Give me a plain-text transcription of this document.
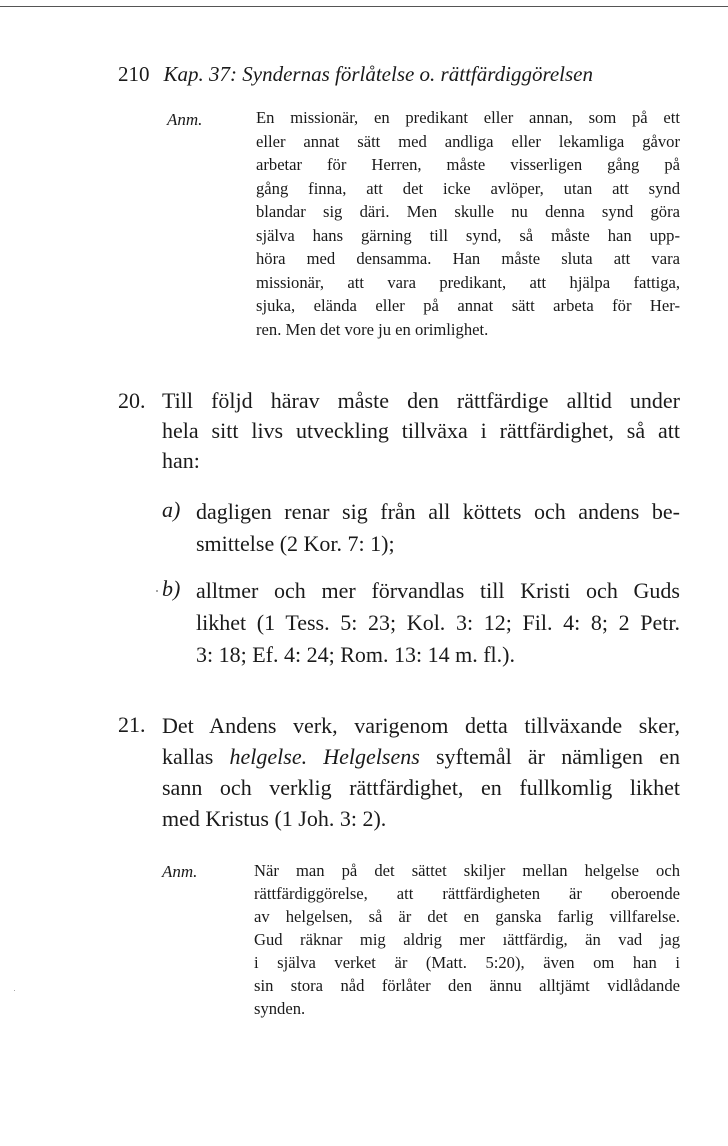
210 Kap. 37: Syndernas förlåtelse o. rättfärdiggörelsen
Anm.	En missionär, en predikant eller annan, som på ett
eller annat sätt med andliga eller lekamliga gåvor
arbetar för Herren, måste visserligen gång på
gång finna, att det icke avlöper, utan att synd
blandar sig däri. Men skulle nu denna synd göra
själva hans gärning till synd, så måste han upp-
höra med densamma. Han måste sluta att vara
missionär, att vara predikant, att hjälpa fattiga,
sjuka, elända eller på annat sätt arbeta för Her-
ren. Men det vore ju en orimlighet.
20. Till följd härav måste den rättfärdige alltid under
hela sitt livs utveckling tillväxa i rättfärdighet, så att
han:
a) dagligen renar sig från all köttets och andens be-
smittelse (2 Kor. 7: 1);
b) alltmer och mer förvandlas till Kristi och Guds
likhet (1 Tess. 5: 23; Kol. 3: 12; Fil. 4: 8; 2 Petr.
3: 18; Ef. 4: 24; Rom. 13: 14 m. fl.).
21. Det Andens verk, varigenom detta tillväxande sker,
kallas helgelse. Helgelsens syftemål är nämligen en
sann och verklig rättfärdighet, en fullkomlig likhet
med Kristus (1 Joh. 3: 2).
Anm.	När man på det sättet skiljer mellan helgelse och
rättfärdiggörelse, att rättfärdigheten är oberoende
av helgelsen, så är det en ganska farlig villfarelse.
Gud räknar mig aldrig mer ıättfärdig, än vad jag
i själva verket är (Matt. 5:20), även om han i
sin stora nåd förlåter den ännu alltjämt vidlådande
synden.
